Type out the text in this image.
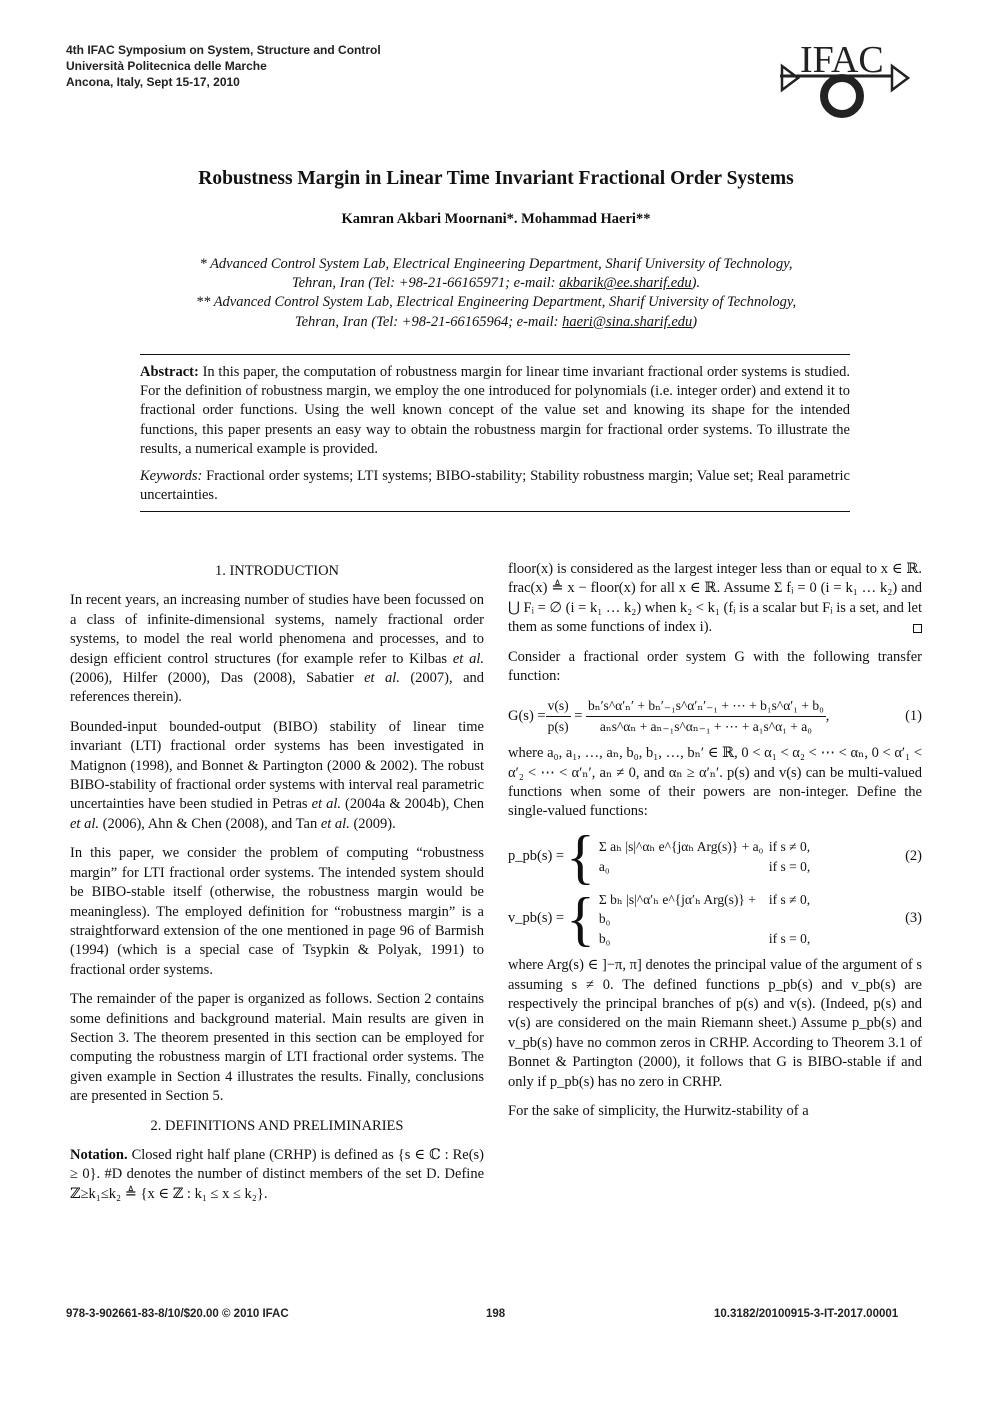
4th IFAC Symposium on System, Structure and Control
Università Politecnica delle Marche
Ancona, Italy, Sept 15-17, 2010
IFAC
Robustness Margin in Linear Time Invariant Fractional Order Systems
Kamran Akbari Moornani*. Mohammad Haeri**
* Advanced Control System Lab, Electrical Engineering Department, Sharif University of Technology,
Tehran, Iran (Tel: +98-21-66165971; e-mail: akbarik@ee.sharif.edu).
** Advanced Control System Lab, Electrical Engineering Department, Sharif University of Technology,
Tehran, Iran (Tel: +98-21-66165964; e-mail: haeri@sina.sharif.edu)

Abstract: In this paper, the computation of robustness margin for linear time invariant fractional order systems is studied. For the definition of robustness margin, we employ the one introduced for polynomials (i.e. integer order) and extend it to fractional order functions. Using the well known concept of the value set and knowing its shape for the intended functions, this paper presents an easy way to obtain the robustness margin for fractional order systems. To illustrate the results, a numerical example is provided.

Keywords: Fractional order systems; LTI systems; BIBO-stability; Stability robustness margin; Value set; Real parametric uncertainties.

1. INTRODUCTION

In recent years, an increasing number of studies have been focussed on a class of infinite-dimensional systems, namely fractional order systems, to model the real world phenomena and processes, and to design efficient control structures (for example refer to Kilbas et al. (2006), Hilfer (2000), Das (2008), Sabatier et al. (2007), and references therein).

Bounded-input bounded-output (BIBO) stability of linear time invariant (LTI) fractional order systems has been investigated in Matignon (1998), and Bonnet & Partington (2000 & 2002). The robust BIBO-stability of fractional order systems with interval real parametric uncertainties have been studied in Petras et al. (2004a & 2004b), Chen et al. (2006), Ahn & Chen (2008), and Tan et al. (2009).

In this paper, we consider the problem of computing “robustness margin” for LTI fractional order systems. The intended system should be BIBO-stable itself (otherwise, the robustness margin would be meaningless). The employed definition for “robustness margin” is a straightforward extension of the one mentioned in page 96 of Barmish (1994) (which is a special case of Tsypkin & Polyak, 1991) to fractional order systems.

The remainder of the paper is organized as follows. Section 2 contains some definitions and background material. Main results are given in Section 3. The theorem presented in this section can be employed for computing the robustness margin of LTI fractional order systems. The given example in Section 4 illustrates the results. Finally, conclusions are presented in Section 5.

2. DEFINITIONS AND PRELIMINARIES

Notation. Closed right half plane (CRHP) is defined as {s ∈ ℂ : Re(s) ≥ 0}. #D denotes the number of distinct members of the set D. Define ℤ≥k₁≤k₂ ≜ {x ∈ ℤ : k₁ ≤ x ≤ k₂}.

floor(x) is considered as the largest integer less than or equal to x ∈ ℝ. frac(x) ≜ x − floor(x) for all x ∈ ℝ. Assume Σ fᵢ = 0 (i = k₁ … k₂) and ⋃ Fᵢ = ∅ (i = k₁ … k₂) when k₂ < k₁ (fᵢ is a scalar but Fᵢ is a set, and let them as some functions of index i).

Consider a fractional order system G with the following transfer function:

$G(s) = \frac{v(s)}{p(s)} = \frac{\text{bₙ′s\textasciicircum{}α′ₙ′ + bₙ′₋₁s\textasciicircum{}α′ₙ′₋₁ + ⋯ + b₁s\textasciicircum{}α′₁ + b₀}}{\text{aₙs\textasciicircum{}αₙ + aₙ₋₁s\textasciicircum{}αₙ₋₁ + ⋯ + a₁s\textasciicircum{}α₁ + a₀}}$ ,	(1)

where a₀, a₁, …, aₙ, b₀, b₁, …, bₙ′ ∈ ℝ, 0 < α₁ < α₂ < ⋯ < αₙ, 0 < α′₁ < α′₂ < ⋯ < α′ₙ′, aₙ ≠ 0, and αₙ ≥ α′ₙ′. p(s) and v(s) can be multi-valued functions when some of their powers are non-integer. Define the single-valued functions:

p_pb(s) = { Σ aₕ |s|^αₕ e^{jαₕ Arg(s)} + a₀ if s ≠ 0,
a₀	if s = 0,
(2)
v_pb(s) = { Σ bₕ |s|^α′ₕ e^{jα′ₕ Arg(s)} + b₀
if s ≠ 0,
b₀	if s = 0,
(3)

where Arg(s) ∈ ]−π, π] denotes the principal value of the argument of s assuming s ≠ 0. The defined functions p_pb(s) and v_pb(s) are respectively the principal branches of p(s) and v(s). (Indeed, p(s) and v(s) are considered on the main Riemann sheet.) Assume p_pb(s) and v_pb(s) have no common zeros in CRHP. According to Theorem 3.1 of Bonnet & Partington (2000), it follows that G is BIBO-stable if and only if p_pb(s) has no zero in CRHP.

For the sake of simplicity, the Hurwitz-stability of a

978-3-902661-83-8/10/$20.00 © 2010 IFAC	198	10.3182/20100915-3-IT-2017.00001
